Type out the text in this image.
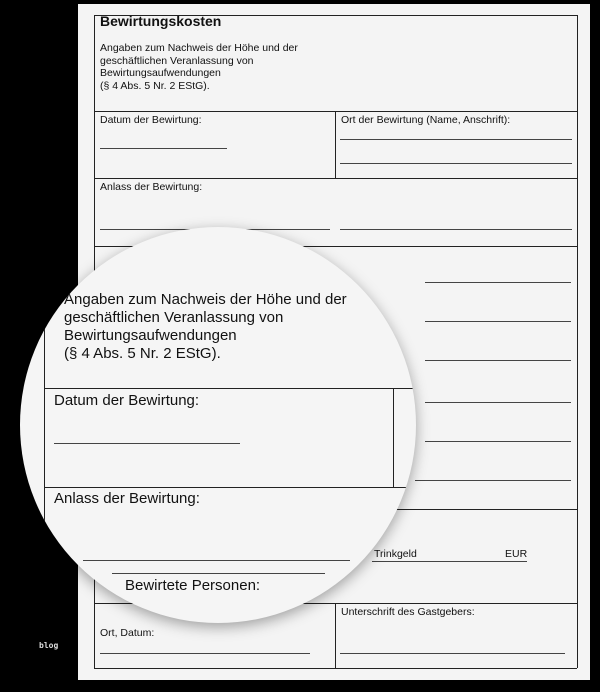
Bewirtungskosten
Angaben zum Nachweis der Höhe und der
geschäftlichen Veranlassung von
Bewirtungsaufwendungen
(§ 4 Abs. 5 Nr. 2 EStG).
Datum der Bewirtung:	Ort der Bewirtung (Name, Anschrift):
Anlass der Bewirtung:
Trinkgeld	EUR
Ort, Datum:
Unterschrift des Gastgebers:
blog
Angaben zum Nachweis der Höhe und der
geschäftlichen Veranlassung von
Bewirtungsaufwendungen
(§ 4 Abs. 5 Nr. 2 EStG).
Datum der Bewirtung:
Anlass der Bewirtung:
Bewirtete Personen:
